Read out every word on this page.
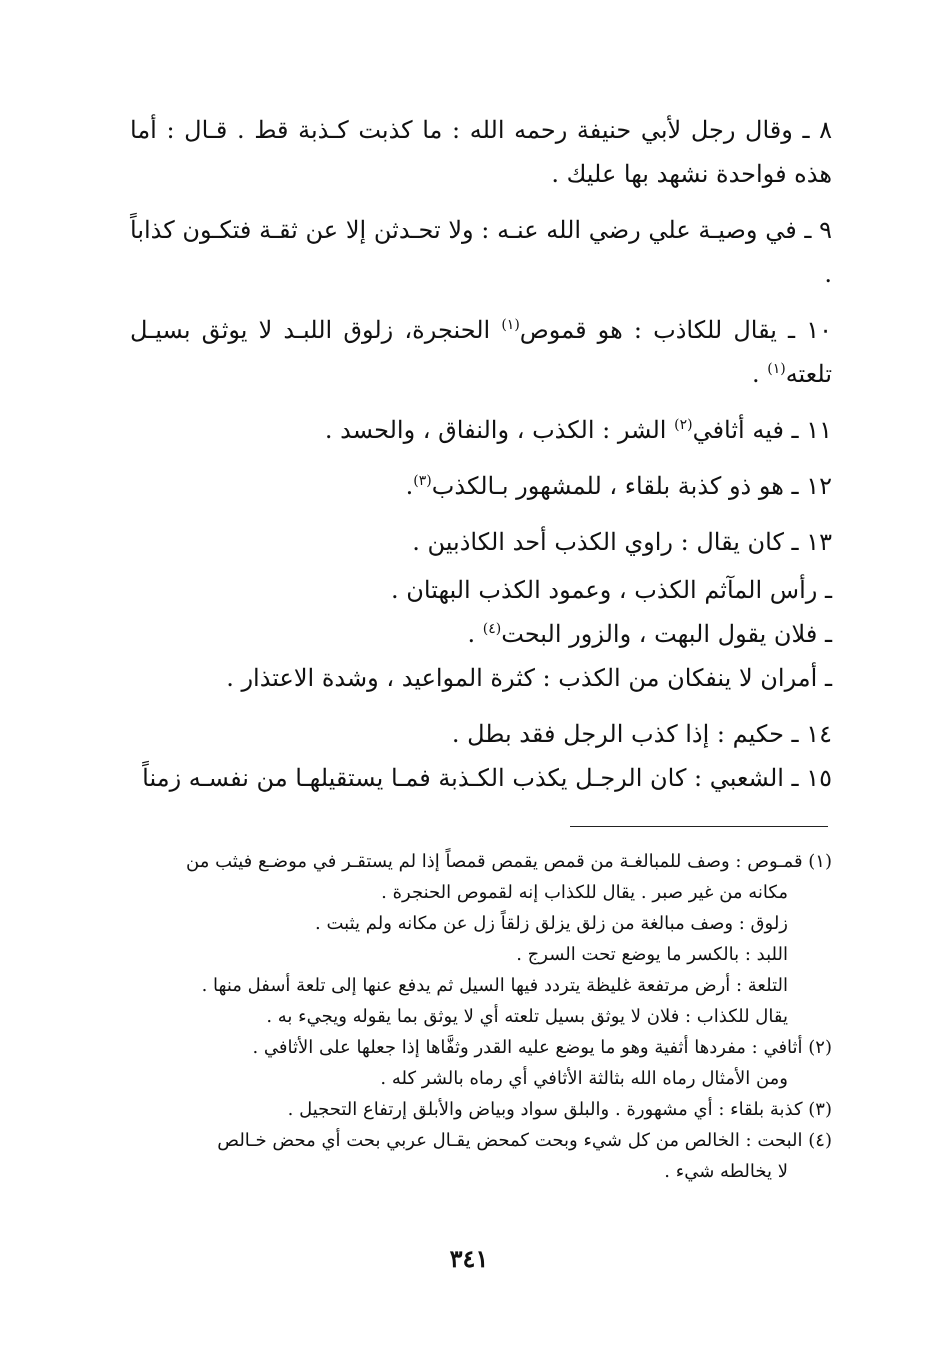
٨ ـ وقال رجل لأبي حنيفة رحمه الله : ما كذبت كـذبة قط . قـال : أما هذه فواحدة نشهد بها عليك .

٩ ـ في وصيـة علي رضي الله عنـه : ولا تحـدثن إلا عن ثقـة فتكـون كذاباً .

١٠ ـ يقال للكاذب : هو قموص$^{(١)}$ الحنجرة، زلوق اللبـد لا يوثق بسيـل تلعته$^{(١)}$ .

١١ ـ فيه أثافي$^{(٢)}$ الشر : الكذب ، والنفاق ، والحسد .

١٢ ـ هو ذو كذبة بلقاء ، للمشهور بـالكذب$^{(٣)}$.

١٣ ـ كان يقال : راوي الكذب أحد الكاذبين .

ـ رأس المآثم الكذب ، وعمود الكذب البهتان .

ـ فلان يقول البهت ، والزور البحت$^{(٤)}$ .

ـ أمران لا ينفكان من الكذب : كثرة المواعيد ، وشدة الاعتذار .

١٤ ـ حكيم : إذا كذب الرجل فقد بطل .

١٥ ـ الشعبي : كان الرجـل يكذب الكـذبة فمـا يستقيلهـا من نفسـه زمناً

(١) قمـوص : وصف للمبالغـة من قمص يقمص قمصاً إذا لم يستقـر في موضـع فيثب من
مكانه من غير صبر . يقال للكذاب إنه لقموص الحنجرة .

زلوق : وصف مبالغة من زلق يزلق زلقاً زل عن مكانه ولم يثبت .

اللبد : بالكسر ما يوضع تحت السرج .

التلعة : أرض مرتفعة غليظة يتردد فيها السيل ثم يدفع عنها إلى تلعة أسفل منها .

يقال للكذاب : فلان لا يوثق بسيل تلعته أي لا يوثق بما يقوله ويجيء به .

(٢) أثافي : مفردها أثفية وهو ما يوضع عليه القدر وثفَّاها إذا جعلها على الأثافي .
ومن الأمثال رماه الله بثالثة الأثافي أي رماه بالشر كله .

(٣) كذبة بلقاء : أي مشهورة . والبلق سواد وبياض والأبلق إرتفاع التحجيل .

(٤) البحت : الخالص من كل شيء وبحت كمحض يقـال عربي بحت أي محض خـالص
لا يخالطه شيء .

٣٤١
